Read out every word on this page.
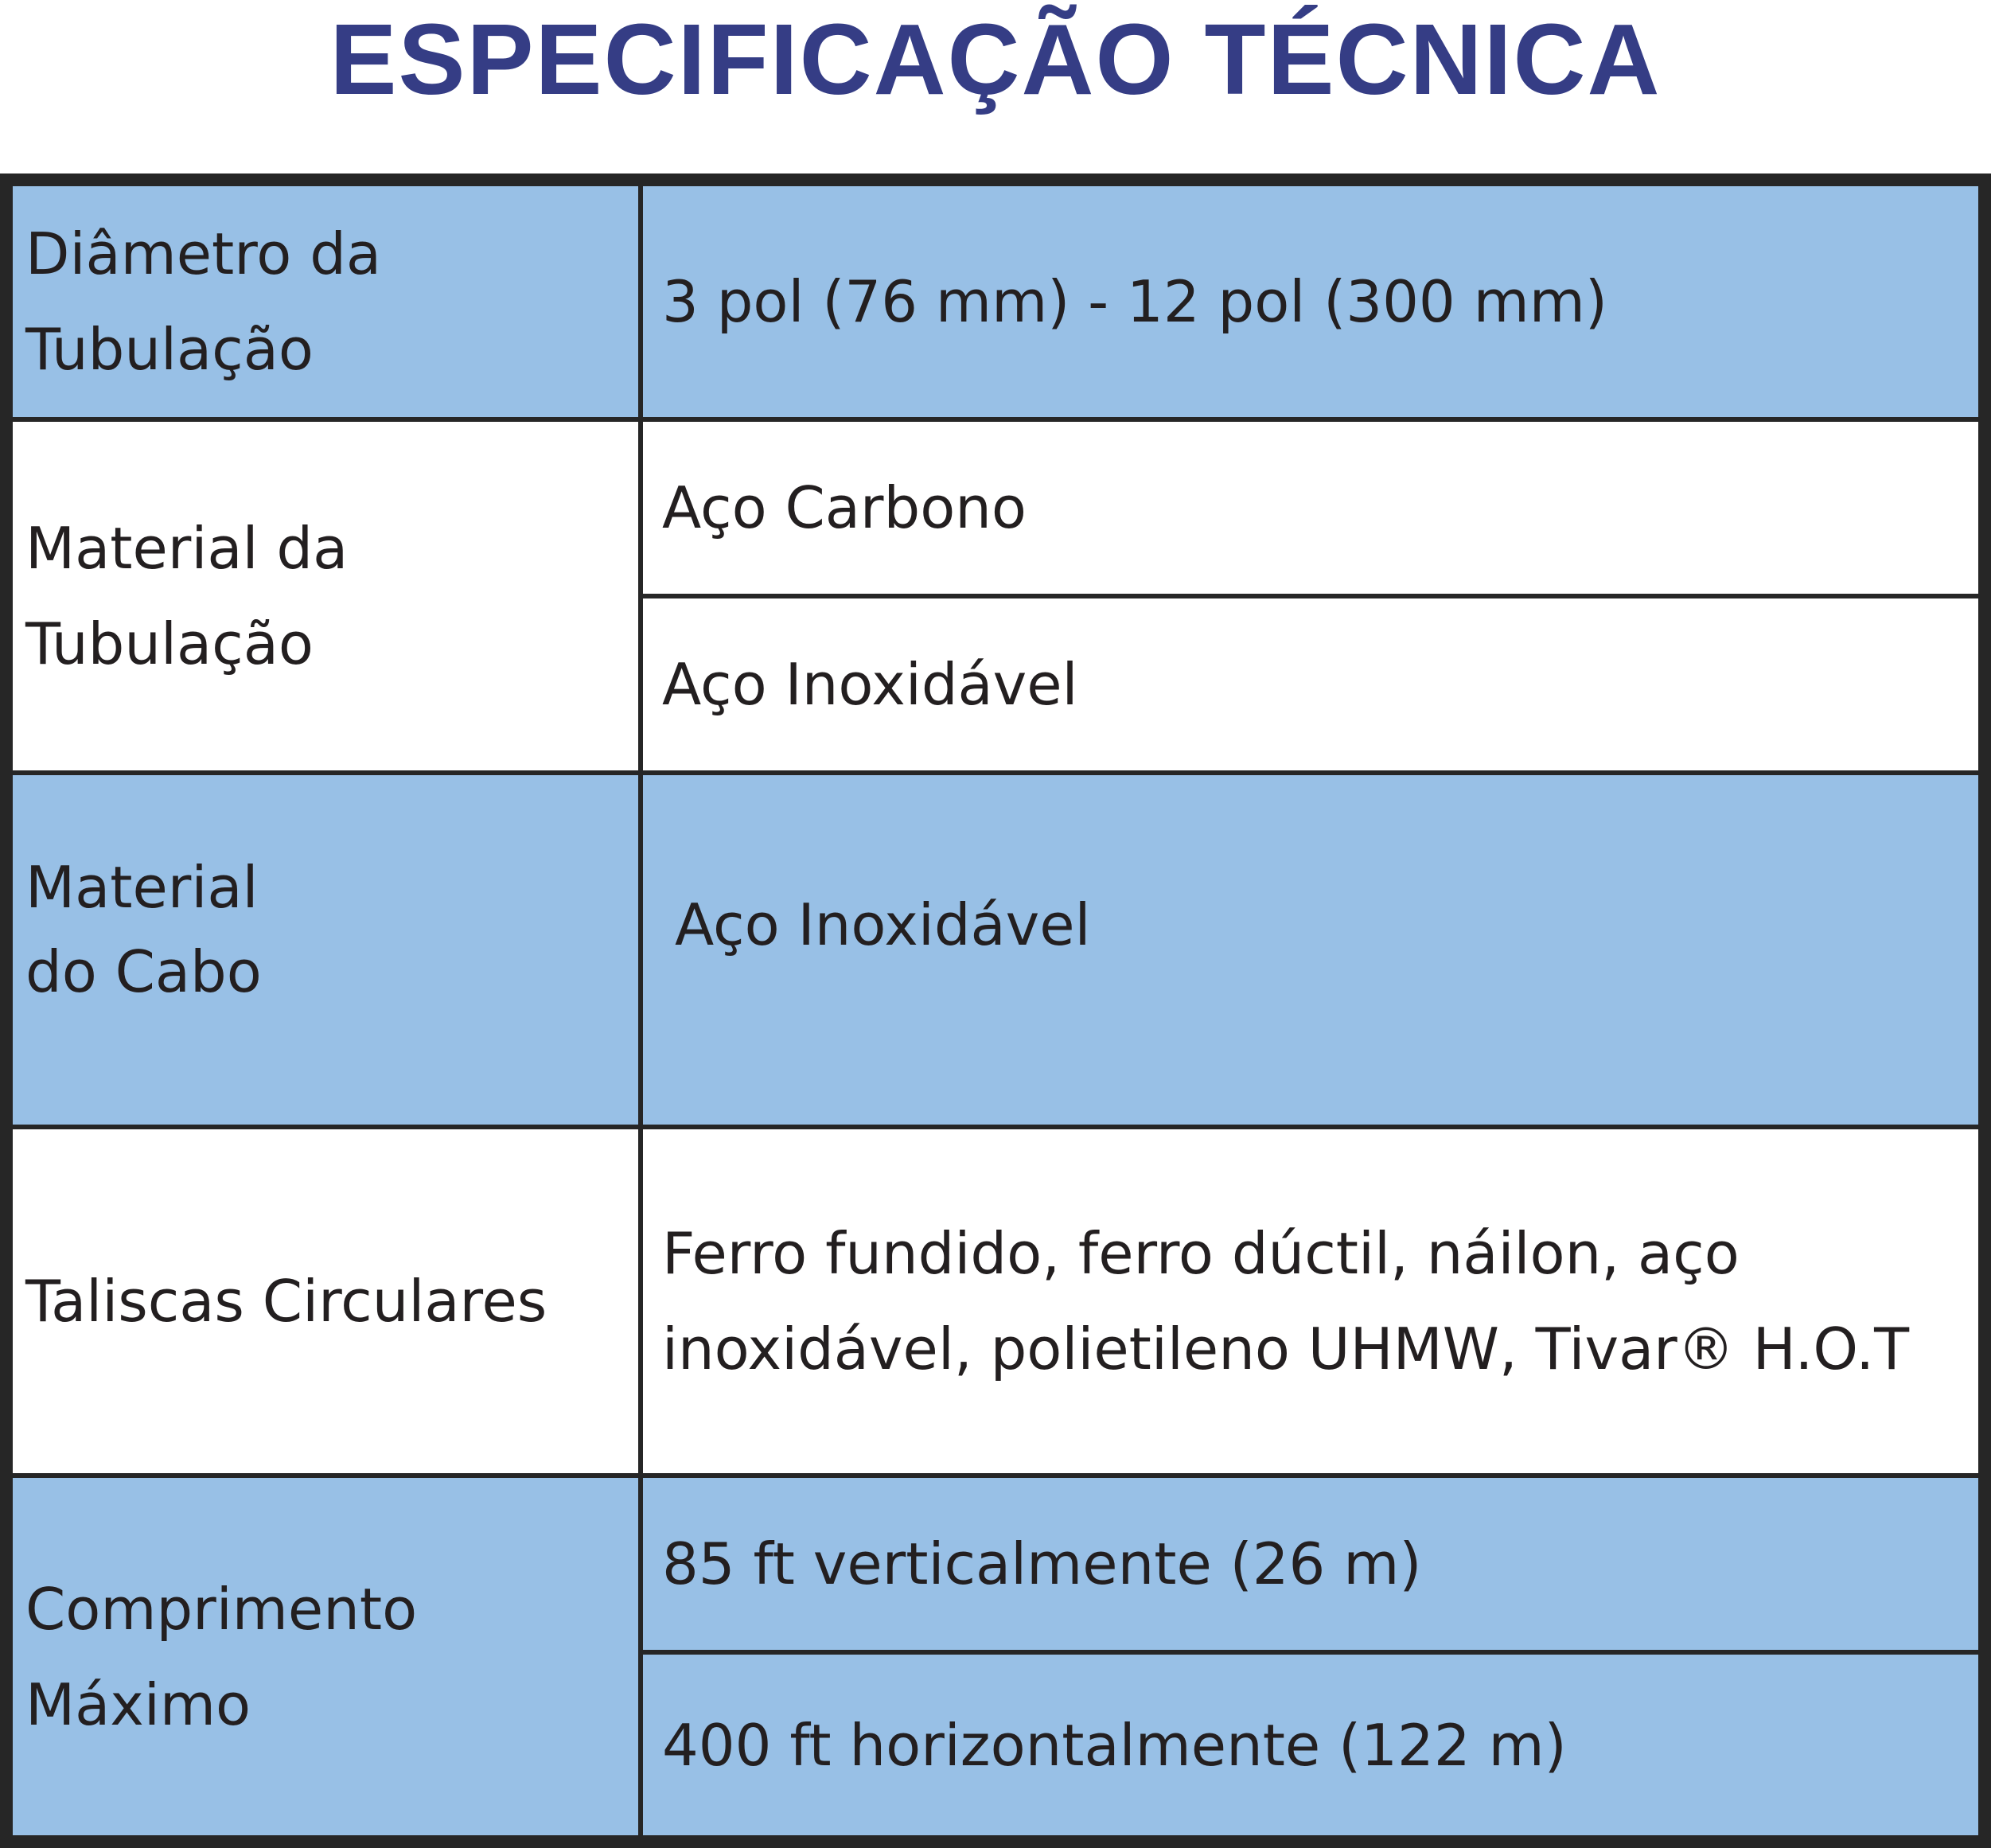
ESPECIFICAÇÃO TÉCNICA
Diâmetro da
Tubulação
3 pol (76 mm) - 12 pol (300 mm)
Material da
Tubulação
Aço Carbono
Aço Inoxidável
Material
do Cabo
Aço Inoxidável
Taliscas Circulares
Ferro fundido, ferro dúctil, náilon, aço
inoxidável, polietileno UHMW, Tivar® H.O.T
Comprimento
Máximo
85 ft verticalmente (26 m)
400 ft horizontalmente (122 m)
